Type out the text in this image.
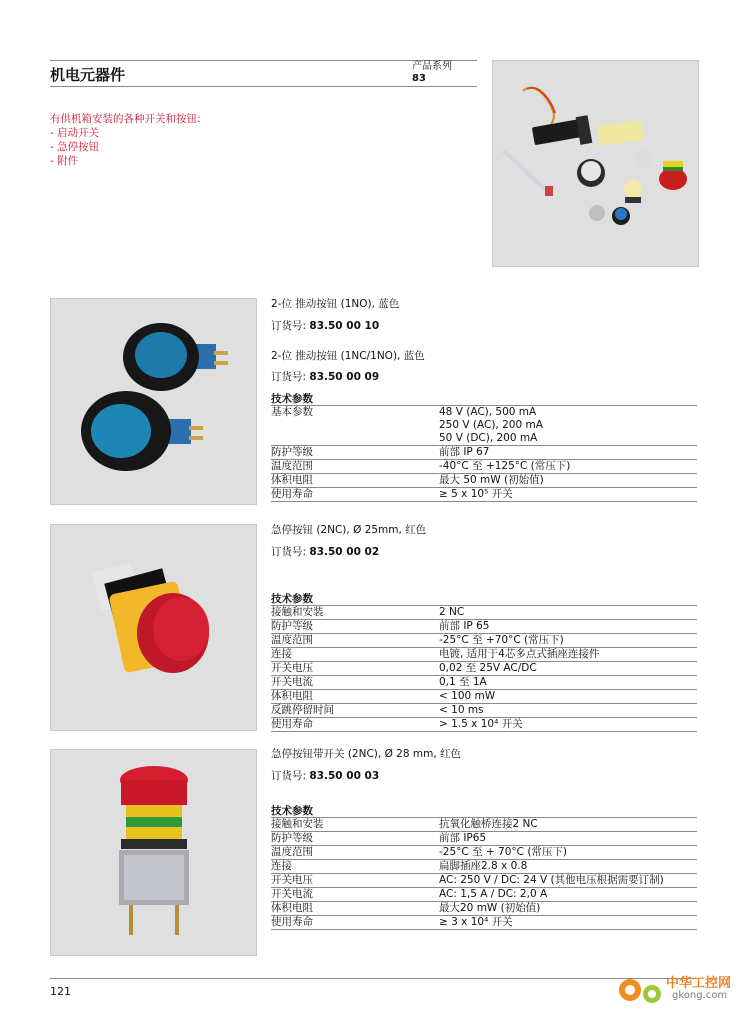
机电元器件	产品系列
83
有供机箱安装的各种开关和按钮:
- 启动开关
- 急停按钮
- 附件
2-位 推动按钮 (1NO), 蓝色
订货号: 83.50 00 10
2-位 推动按钮 (1NC/1NO), 蓝色
订货号: 83.50 00 09
技术参数
基本参数	48 V (AC), 500 mA
250 V (AC), 200 mA
50 V (DC), 200 mA

防护等级	前部 IP 67
温度范围	-40°C 至 +125°C (常压下)
体积电阻	最大 50 mW (初始值)
使用寿命	≥ 5 x 10⁵ 开关
急停按钮 (2NC), Ø 25mm, 红色
订货号: 83.50 00 02
技术参数
接触和安装	2 NC
防护等级	前部 IP 65
温度范围	-25°C 至 +70°C (常压下)
连接	电镀, 适用于4芯多点式插座连接件
开关电压	0,02 至 25V AC/DC
开关电流	0,1 至 1A
体积电阻	< 100 mW
反跳停留时间	< 10 ms
使用寿命	> 1.5 x 10⁴ 开关
急停按钮带开关 (2NC), Ø 28 mm, 红色
订货号: 83.50 00 03
技术参数
接触和安装	抗氧化触桥连接2 NC
防护等级	前部 IP65
温度范围	-25°C 至 + 70°C (常压下)
连接	扁脚插座2.8 x 0.8
开关电压	AC: 250 V / DC: 24 V (其他电压根据需要订制)
开关电流	AC: 1,5 A / DC: 2,0 A
体积电阻	最大20 mW (初始值)
使用寿命	≥ 3 x 10⁴ 开关
121
中华工控网
gkong.com
